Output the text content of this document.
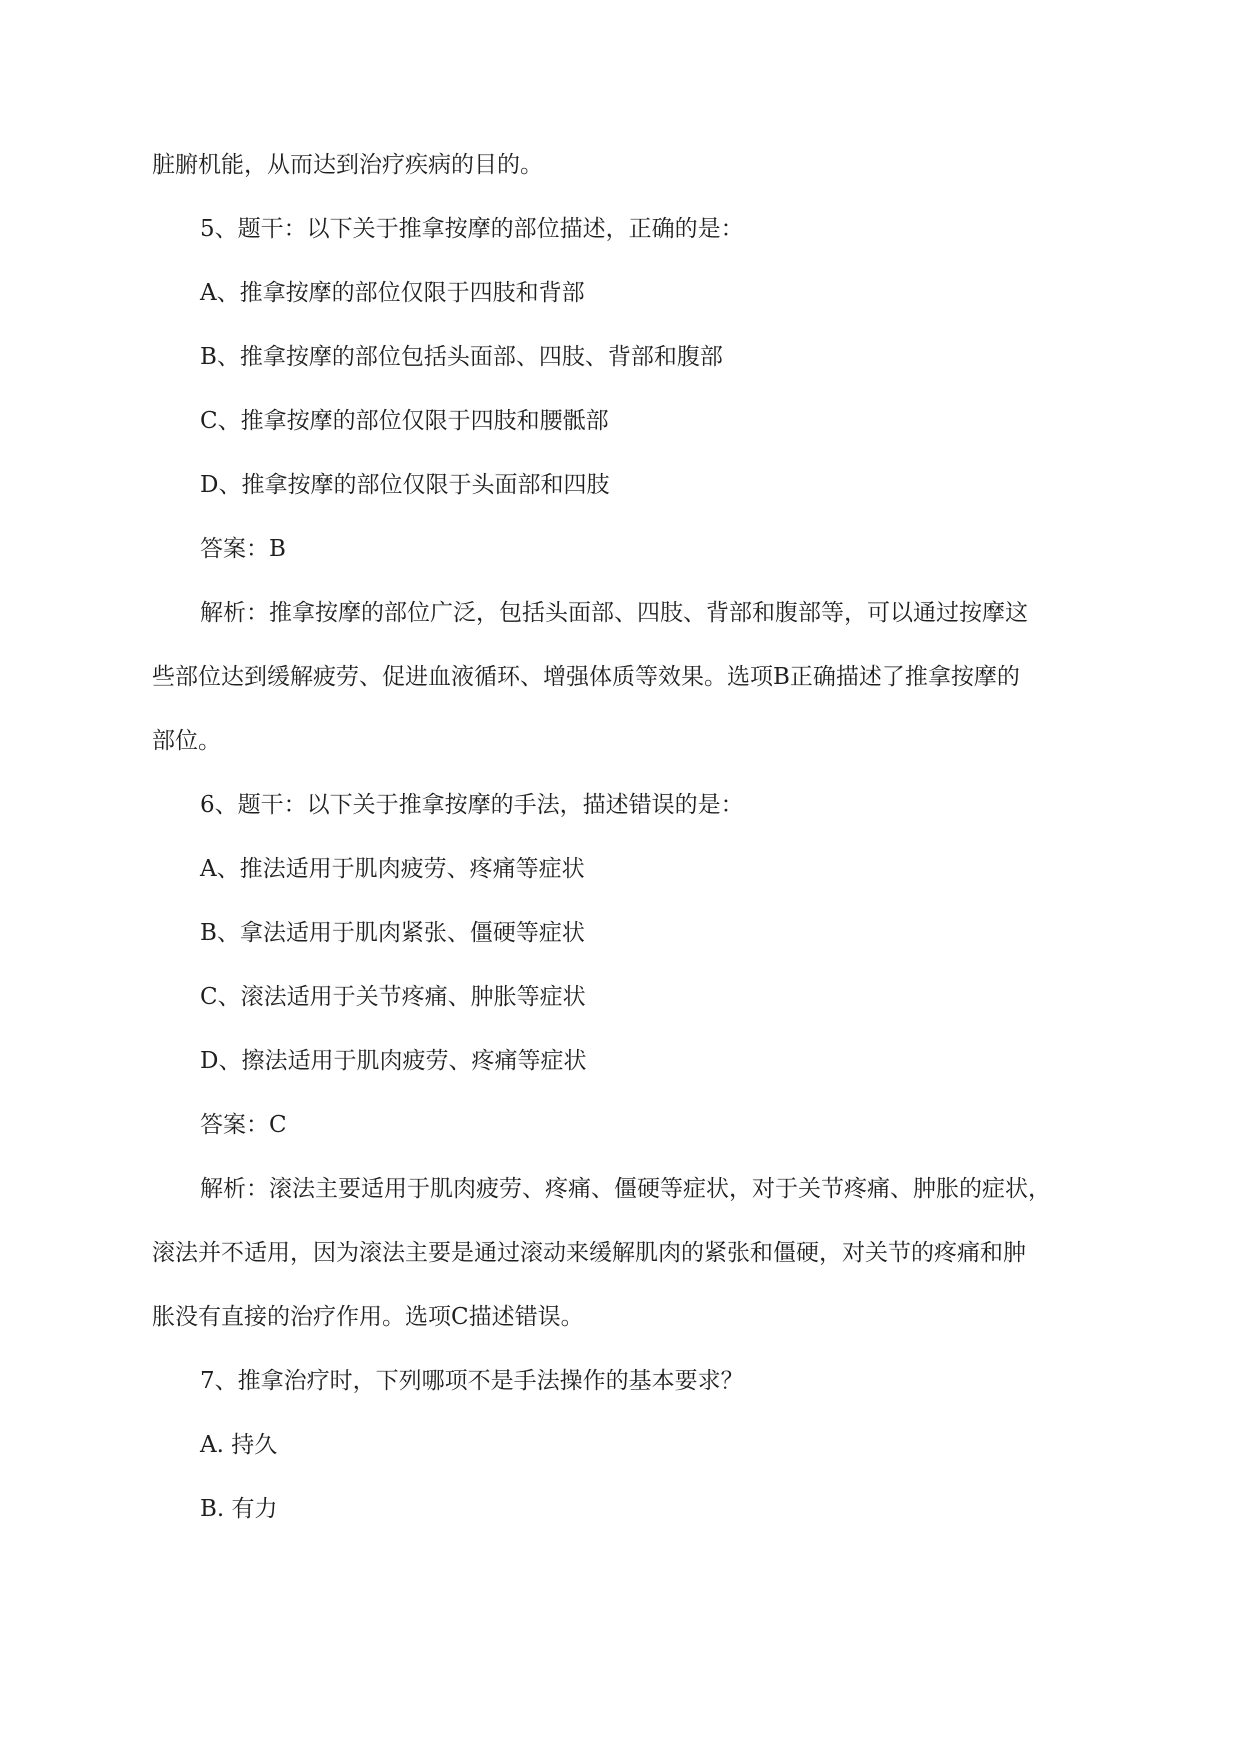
脏腑机能，从而达到治疗疾病的目的。
5、题干：以下关于推拿按摩的部位描述，正确的是：
A、推拿按摩的部位仅限于四肢和背部
B、推拿按摩的部位包括头面部、四肢、背部和腹部
C、推拿按摩的部位仅限于四肢和腰骶部
D、推拿按摩的部位仅限于头面部和四肢
答案：B
解析：推拿按摩的部位广泛，包括头面部、四肢、背部和腹部等，可以通过按摩这
些部位达到缓解疲劳、促进血液循环、增强体质等效果。选项B正确描述了推拿按摩的
部位。
6、题干：以下关于推拿按摩的手法，描述错误的是：
A、推法适用于肌肉疲劳、疼痛等症状
B、拿法适用于肌肉紧张、僵硬等症状
C、滚法适用于关节疼痛、肿胀等症状
D、擦法适用于肌肉疲劳、疼痛等症状
答案：C
解析：滚法主要适用于肌肉疲劳、疼痛、僵硬等症状，对于关节疼痛、肿胀的症状，
滚法并不适用，因为滚法主要是通过滚动来缓解肌肉的紧张和僵硬，对关节的疼痛和肿
胀没有直接的治疗作用。选项C描述错误。
7、推拿治疗时，下列哪项不是手法操作的基本要求？
A. 持久
B. 有力
